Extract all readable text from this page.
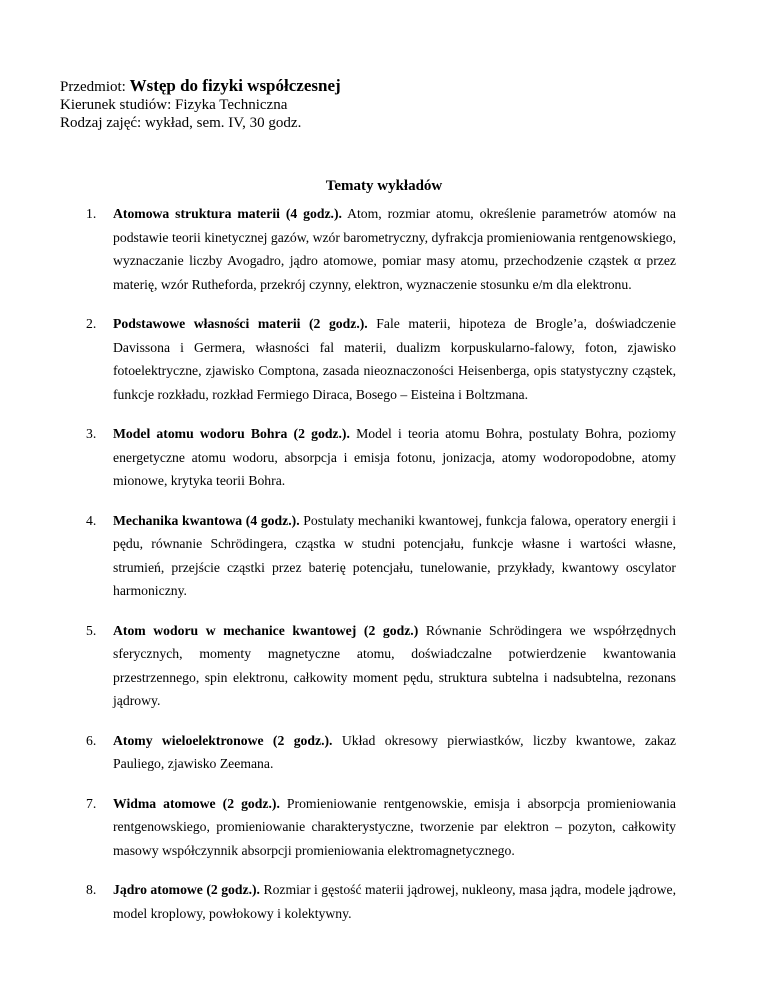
Przedmiot: Wstęp do fizyki współczesnej
Kierunek studiów: Fizyka Techniczna
Rodzaj zajęć: wykład, sem. IV, 30 godz.
Tematy wykładów
1. Atomowa struktura materii (4 godz.). Atom, rozmiar atomu, określenie parametrów atomów na podstawie teorii kinetycznej gazów, wzór barometryczny, dyfrakcja promieniowania rentgenowskiego, wyznaczanie liczby Avogadro, jądro atomowe, pomiar masy atomu, przechodzenie cząstek α przez materię, wzór Rutheforda, przekrój czynny, elektron, wyznaczenie stosunku e/m dla elektronu.
2. Podstawowe własności materii (2 godz.). Fale materii, hipoteza de Brogle’a, doświadczenie Davissona i Germera, własności fal materii, dualizm korpuskularno-falowy, foton, zjawisko fotoelektryczne, zjawisko Comptona, zasada nieoznaczoności Heisenberga, opis statystyczny cząstek, funkcje rozkładu, rozkład Fermiego Diraca, Bosego – Eisteina i Boltzmana.
3. Model atomu wodoru Bohra (2 godz.). Model i teoria atomu Bohra, postulaty Bohra, poziomy energetyczne atomu wodoru, absorpcja i emisja fotonu, jonizacja, atomy wodoropodobne, atomy mionowe, krytyka teorii Bohra.
4. Mechanika kwantowa (4 godz.). Postulaty mechaniki kwantowej, funkcja falowa, operatory energii i pędu, równanie Schrödingera, cząstka w studni potencjału, funkcje własne i wartości własne, strumień, przejście cząstki przez baterię potencjału, tunelowanie, przykłady, kwantowy oscylator harmoniczny.
5. Atom wodoru w mechanice kwantowej (2 godz.) Równanie Schrödingera we współrzędnych sferycznych, momenty magnetyczne atomu, doświadczalne potwierdzenie kwantowania przestrzennego, spin elektronu, całkowity moment pędu, struktura subtelna i nadsubtelna, rezonans jądrowy.
6. Atomy wieloelektronowe (2 godz.). Układ okresowy pierwiastków, liczby kwantowe, zakaz Pauliego, zjawisko Zeemana.
7. Widma atomowe (2 godz.). Promieniowanie rentgenowskie, emisja i absorpcja promieniowania rentgenowskiego, promieniowanie charakterystyczne, tworzenie par elektron – pozyton, całkowity masowy współczynnik absorpcji promieniowania elektromagnetycznego.
8. Jądro atomowe (2 godz.). Rozmiar i gęstość materii jądrowej, nukleony, masa jądra, modele jądrowe, model kroplowy, powłokowy i kolektywny.
